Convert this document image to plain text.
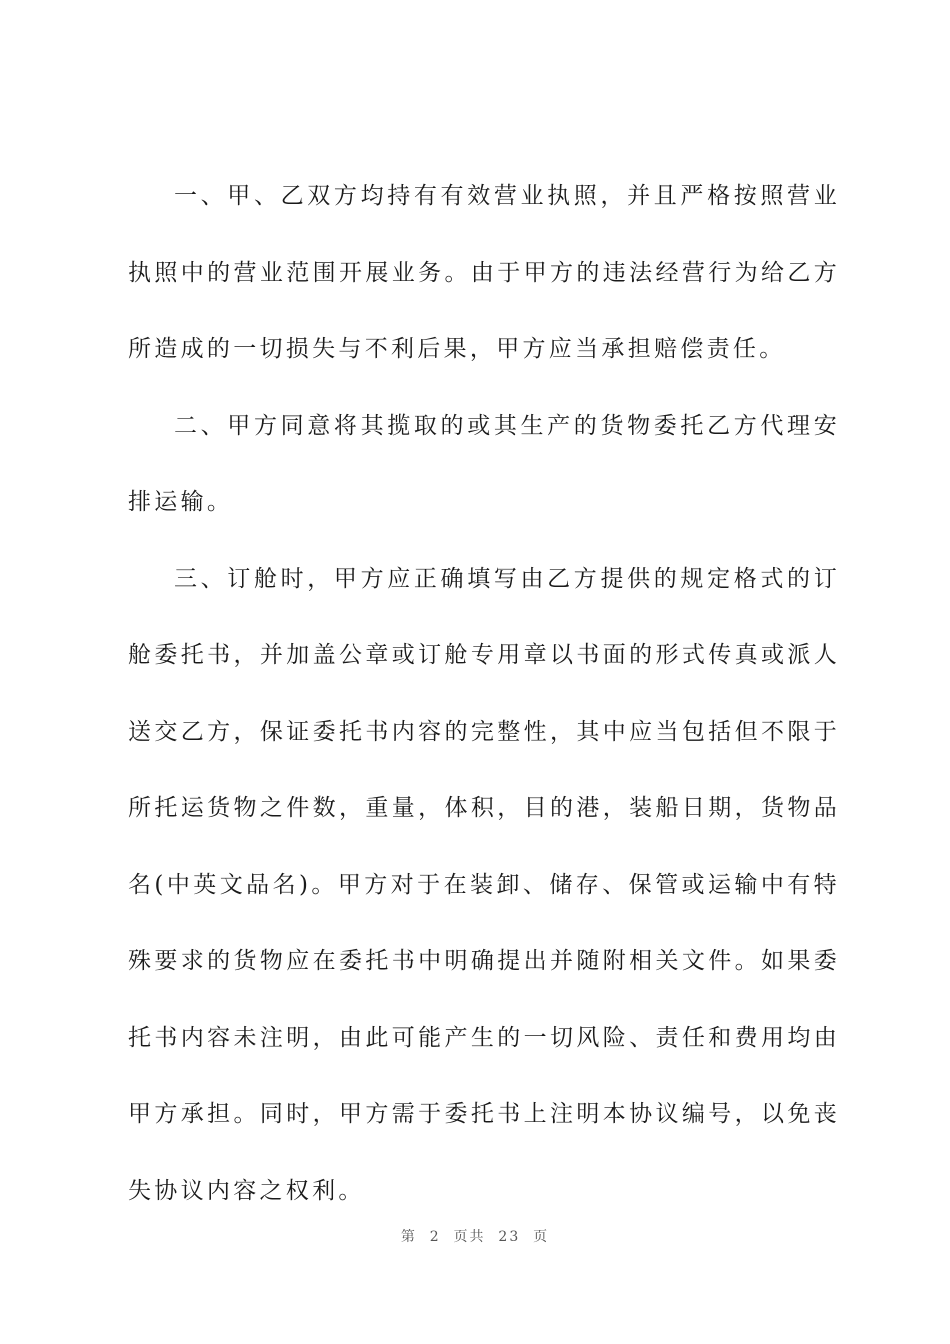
一、甲、乙双方均持有有效营业执照，并且严格按照营业执照中的营业范围开展业务。由于甲方的违法经营行为给乙方所造成的一切损失与不利后果，甲方应当承担赔偿责任。

二、甲方同意将其揽取的或其生产的货物委托乙方代理安排运输。

三、订舱时，甲方应正确填写由乙方提供的规定格式的订舱委托书，并加盖公章或订舱专用章以书面的形式传真或派人送交乙方，保证委托书内容的完整性，其中应当包括但不限于所托运货物之件数，重量，体积，目的港，装船日期，货物品名(中英文品名)。甲方对于在装卸、储存、保管或运输中有特殊要求的货物应在委托书中明确提出并随附相关文件。如果委托书内容未注明，由此可能产生的一切风险、责任和费用均由甲方承担。同时，甲方需于委托书上注明本协议编号，以免丧失协议内容之权利。

第  2  页共  23  页
